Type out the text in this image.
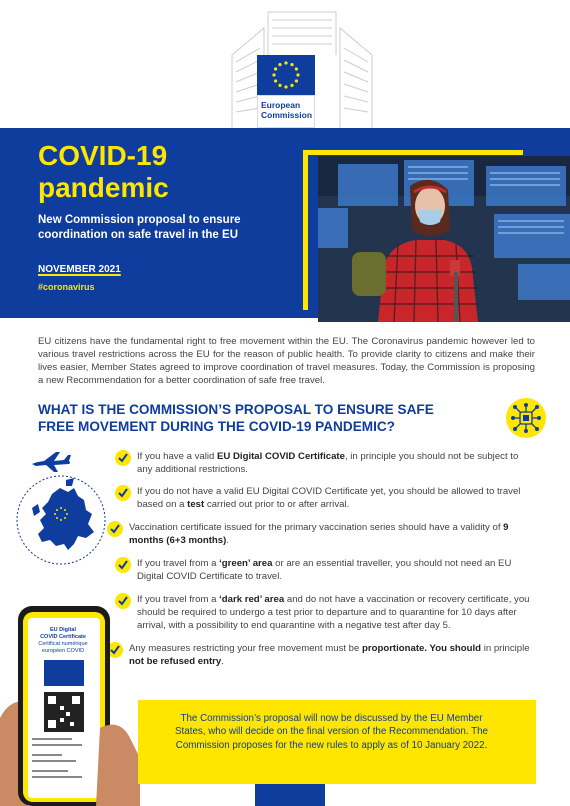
European
Commission
COVID-19
pandemic
New Commission proposal to ensure coordination on safe travel in the EU
NOVEMBER 2021
#coronavirus
EU citizens have the fundamental right to free movement within the EU. The Coronavirus pandemic however led to various travel restrictions across the EU for the reason of public health. To provide clarity to citizens and make their lives easier, Member States agreed to improve coordination of travel measures. Today, the Commission is proposing a new Recommendation for a better coordination of safe free travel.
WHAT IS THE COMMISSION’S PROPOSAL TO ENSURE SAFE FREE MOVEMENT DURING THE COVID-19 PANDEMIC?
If you have a valid EU Digital COVID Certificate, in principle you should not be subject to any additional restrictions.
If you do not have a valid EU Digital COVID Certificate yet, you should be allowed to travel based on a test carried out prior to or after arrival.
Vaccination certificate issued for the primary vaccination series should have a validity of 9 months (6+3 months).
If you travel from a ‘green’ area or are an essential traveller, you should not need an EU Digital COVID Certificate to travel.
If you travel from a ‘dark red’ area and do not have a vaccination or recovery certificate, you should be required to undergo a test prior to departure and to quarantine for 10 days after arrival, with a possibility to end quarantine with a negative test after day 5.
Any measures restricting your free movement must be proportionate. You should in principle not be refused entry.
EU Digital
COVID Certificate
Certificat numérique
européen COVID
The Commission’s proposal will now be discussed by the EU Member States, who will decide on the final version of the Recommendation. The Commission proposes for the new rules to apply as of 10 January 2022.
